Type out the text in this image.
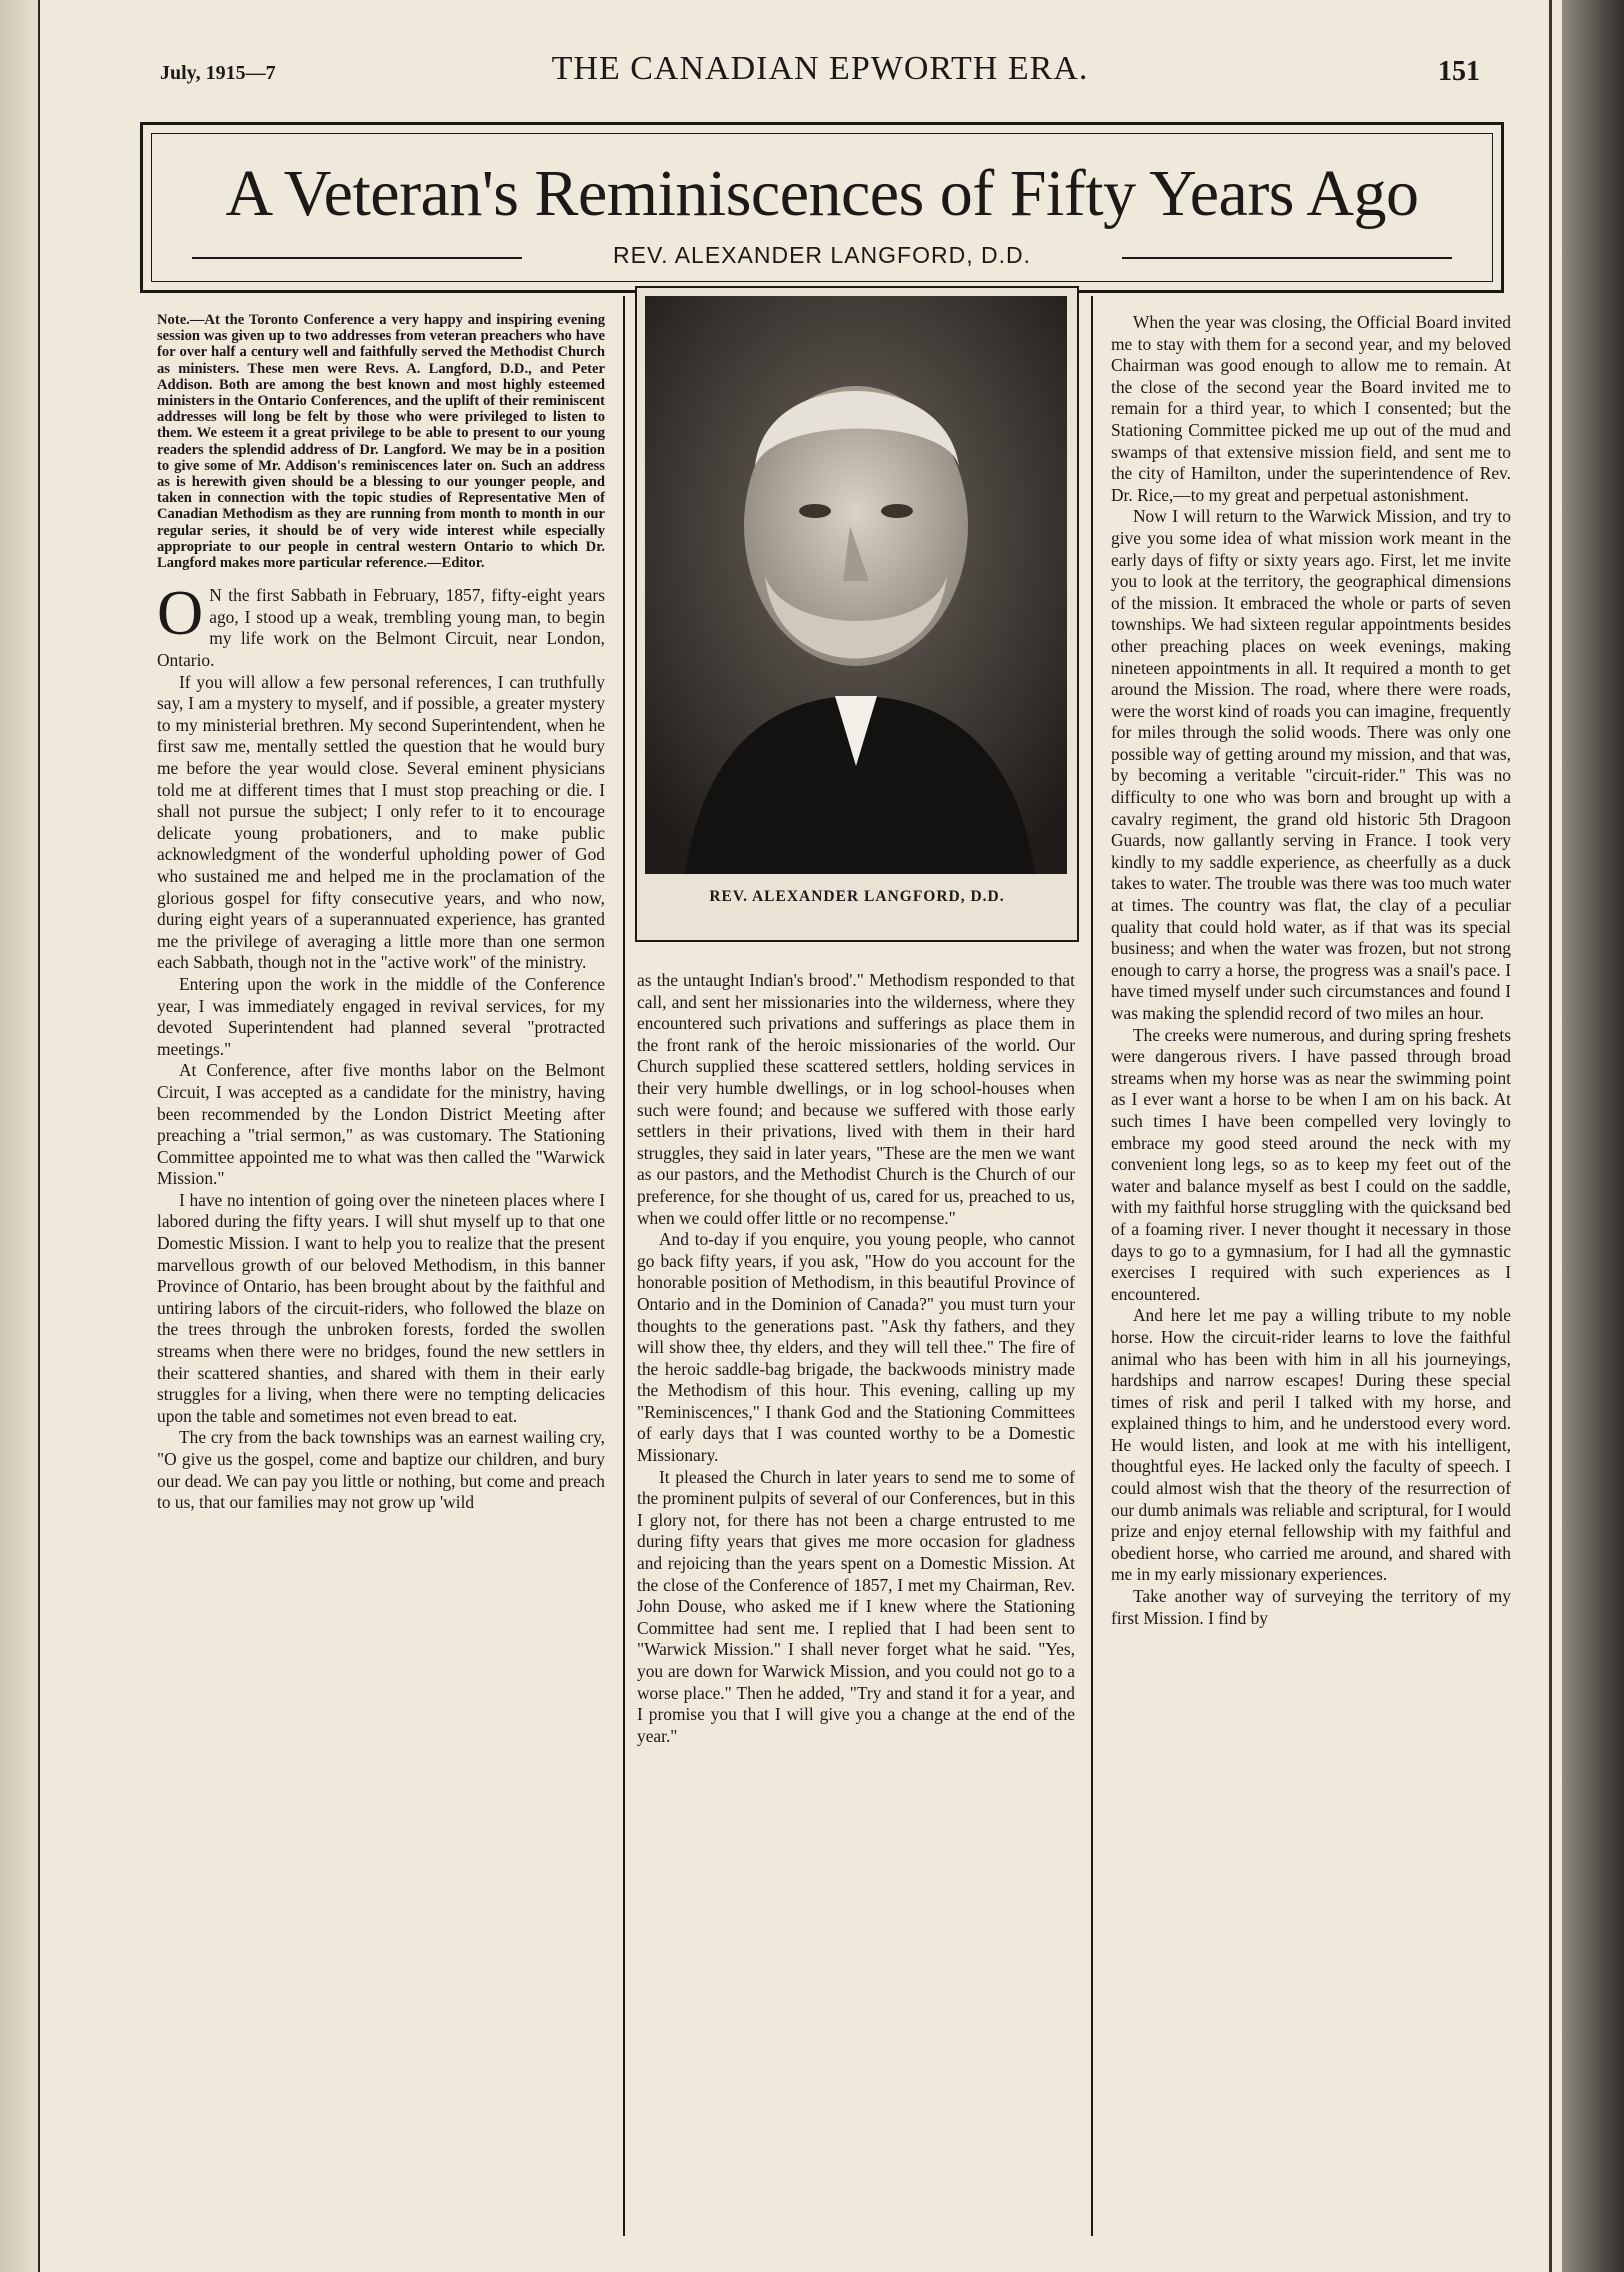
July, 1915—7	THE CANADIAN EPWORTH ERA.	151
A Veteran's Reminiscences of Fifty Years Ago
REV. ALEXANDER LANGFORD, D.D.
Note.—At the Toronto Conference a very happy and inspiring evening session was given up to two addresses from veteran preachers who have for over half a century well and faithfully served the Methodist Church as ministers. These men were Revs. A. Langford, D.D., and Peter Addison. Both are among the best known and most highly esteemed ministers in the Ontario Conferences, and the uplift of their reminiscent addresses will long be felt by those who were privileged to listen to them. We esteem it a great privilege to be able to present to our young readers the splendid address of Dr. Langford. We may be in a position to give some of Mr. Addison's reminiscences later on. Such an address as is herewith given should be a blessing to our younger people, and taken in connection with the topic studies of Representative Men of Canadian Methodism as they are running from month to month in our regular series, it should be of very wide interest while especially appropriate to our people in central western Ontario to which Dr. Langford makes more particular reference.—Editor.

O N the first Sabbath in February, 1857, fifty-eight years ago, I stood up a weak, trembling young man, to begin my life work on the Belmont Circuit, near London, Ontario.

If you will allow a few personal references, I can truthfully say, I am a mystery to myself, and if possible, a greater mystery to my ministerial brethren. My second Superintendent, when he first saw me, mentally settled the question that he would bury me before the year would close. Several eminent physicians told me at different times that I must stop preaching or die. I shall not pursue the subject; I only refer to it to encourage delicate young probationers, and to make public acknowledgment of the wonderful upholding power of God who sustained me and helped me in the proclamation of the glorious gospel for fifty consecutive years, and who now, during eight years of a superannuated experience, has granted me the privilege of averaging a little more than one sermon each Sabbath, though not in the "active work" of the ministry.

Entering upon the work in the middle of the Conference year, I was immediately engaged in revival services, for my devoted Superintendent had planned several "protracted meetings."

At Conference, after five months labor on the Belmont Circuit, I was accepted as a candidate for the ministry, having been recommended by the London District Meeting after preaching a "trial sermon," as was customary. The Stationing Committee appointed me to what was then called the "Warwick Mission."

I have no intention of going over the nineteen places where I labored during the fifty years. I will shut myself up to that one Domestic Mission. I want to help you to realize that the present marvellous growth of our beloved Methodism, in this banner Province of Ontario, has been brought about by the faithful and untiring labors of the circuit-riders, who followed the blaze on the trees through the unbroken forests, forded the swollen streams when there were no bridges, found the new settlers in their scattered shanties, and shared with them in their early struggles for a living, when there were no tempting delicacies upon the table and sometimes not even bread to eat.

The cry from the back townships was an earnest wailing cry, "O give us the gospel, come and baptize our children, and bury our dead. We can pay you little or nothing, but come and preach to us, that our families may not grow up 'wild

REV. ALEXANDER LANGFORD, D.D.

as the untaught Indian's brood'." Methodism responded to that call, and sent her missionaries into the wilderness, where they encountered such privations and sufferings as place them in the front rank of the heroic missionaries of the world. Our Church supplied these scattered settlers, holding services in their very humble dwellings, or in log school-houses when such were found; and because we suffered with those early settlers in their privations, lived with them in their hard struggles, they said in later years, "These are the men we want as our pastors, and the Methodist Church is the Church of our preference, for she thought of us, cared for us, preached to us, when we could offer little or no recompense."

And to-day if you enquire, you young people, who cannot go back fifty years, if you ask, "How do you account for the honorable position of Methodism, in this beautiful Province of Ontario and in the Dominion of Canada?" you must turn your thoughts to the generations past. "Ask thy fathers, and they will show thee, thy elders, and they will tell thee." The fire of the heroic saddle-bag brigade, the backwoods ministry made the Methodism of this hour. This evening, calling up my "Reminiscences," I thank God and the Stationing Committees of early days that I was counted worthy to be a Domestic Missionary.

It pleased the Church in later years to send me to some of the prominent pulpits of several of our Conferences, but in this I glory not, for there has not been a charge entrusted to me during fifty years that gives me more occasion for gladness and rejoicing than the years spent on a Domestic Mission. At the close of the Conference of 1857, I met my Chairman, Rev. John Douse, who asked me if I knew where the Stationing Committee had sent me. I replied that I had been sent to "Warwick Mission." I shall never forget what he said. "Yes, you are down for Warwick Mission, and you could not go to a worse place." Then he added, "Try and stand it for a year, and I promise you that I will give you a change at the end of the year."

When the year was closing, the Official Board invited me to stay with them for a second year, and my beloved Chairman was good enough to allow me to remain. At the close of the second year the Board invited me to remain for a third year, to which I consented; but the Stationing Committee picked me up out of the mud and swamps of that extensive mission field, and sent me to the city of Hamilton, under the superintendence of Rev. Dr. Rice,—to my great and perpetual astonishment.

Now I will return to the Warwick Mission, and try to give you some idea of what mission work meant in the early days of fifty or sixty years ago. First, let me invite you to look at the territory, the geographical dimensions of the mission. It embraced the whole or parts of seven townships. We had sixteen regular appointments besides other preaching places on week evenings, making nineteen appointments in all. It required a month to get around the Mission. The road, where there were roads, were the worst kind of roads you can imagine, frequently for miles through the solid woods. There was only one possible way of getting around my mission, and that was, by becoming a veritable "circuit-rider." This was no difficulty to one who was born and brought up with a cavalry regiment, the grand old historic 5th Dragoon Guards, now gallantly serving in France. I took very kindly to my saddle experience, as cheerfully as a duck takes to water. The trouble was there was too much water at times. The country was flat, the clay of a peculiar quality that could hold water, as if that was its special business; and when the water was frozen, but not strong enough to carry a horse, the progress was a snail's pace. I have timed myself under such circumstances and found I was making the splendid record of two miles an hour.

The creeks were numerous, and during spring freshets were dangerous rivers. I have passed through broad streams when my horse was as near the swimming point as I ever want a horse to be when I am on his back. At such times I have been compelled very lovingly to embrace my good steed around the neck with my convenient long legs, so as to keep my feet out of the water and balance myself as best I could on the saddle, with my faithful horse struggling with the quicksand bed of a foaming river. I never thought it necessary in those days to go to a gymnasium, for I had all the gymnastic exercises I required with such experiences as I encountered.

And here let me pay a willing tribute to my noble horse. How the circuit-rider learns to love the faithful animal who has been with him in all his journeyings, hardships and narrow escapes! During these special times of risk and peril I talked with my horse, and explained things to him, and he understood every word. He would listen, and look at me with his intelligent, thoughtful eyes. He lacked only the faculty of speech. I could almost wish that the theory of the resurrection of our dumb animals was reliable and scriptural, for I would prize and enjoy eternal fellowship with my faithful and obedient horse, who carried me around, and shared with me in my early missionary experiences.

Take another way of surveying the territory of my first Mission. I find by
